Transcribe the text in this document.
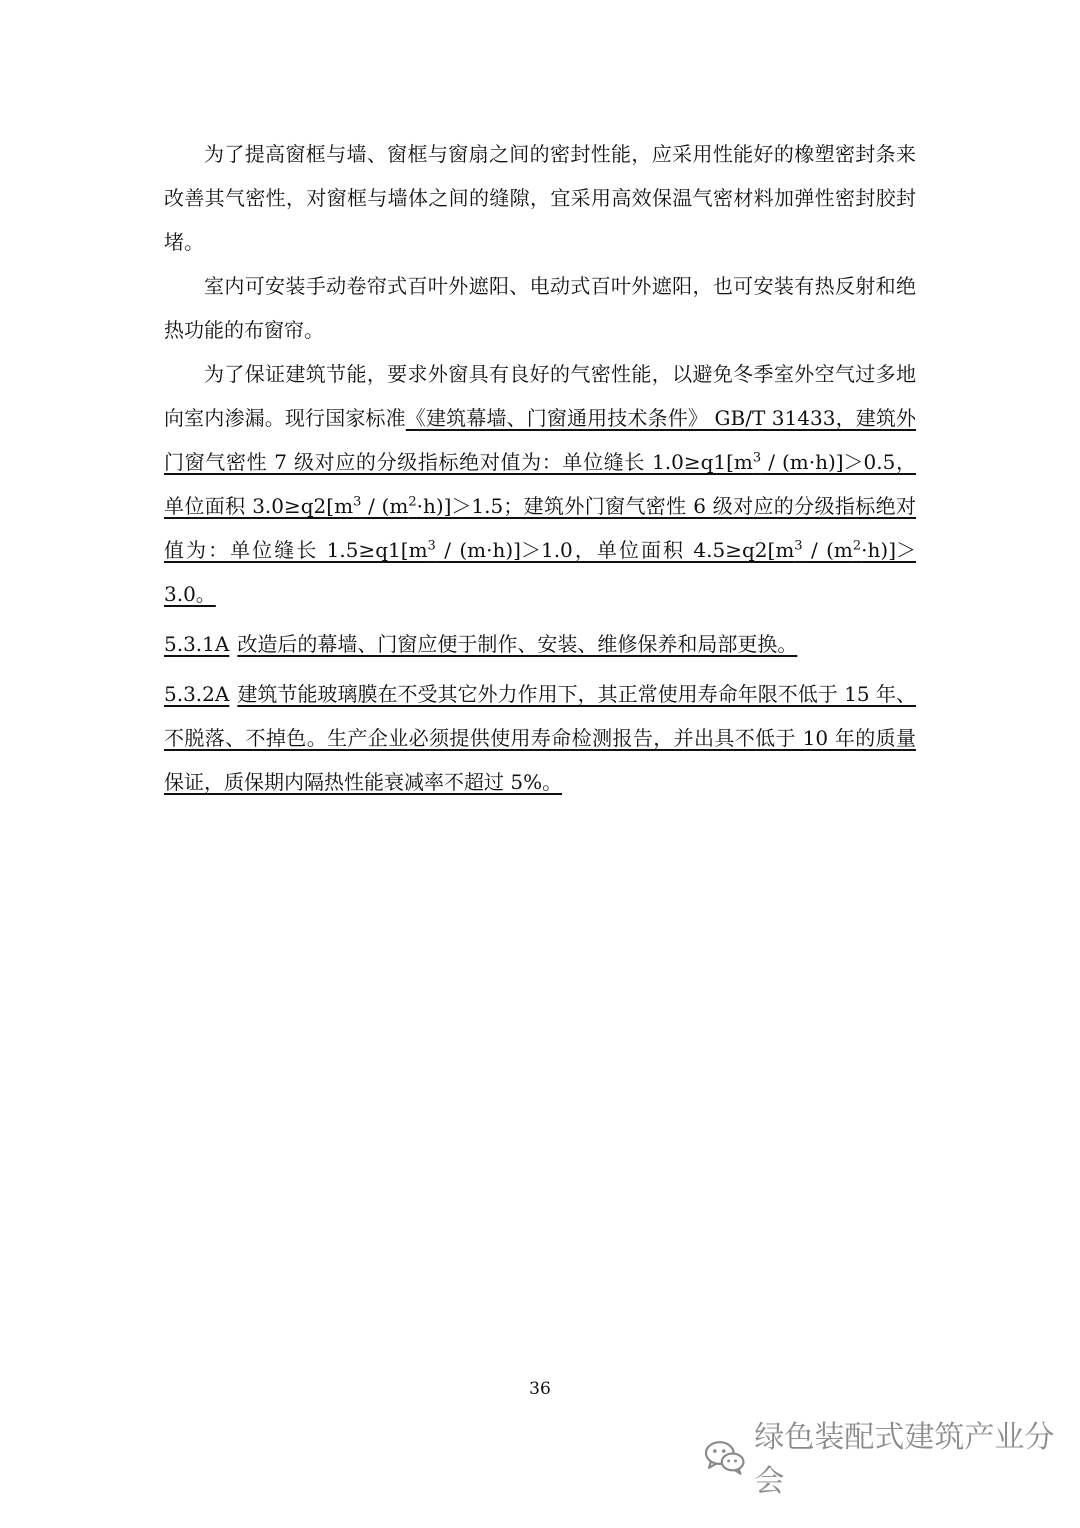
为了提高窗框与墙、窗框与窗扇之间的密封性能，应采用性能好的橡塑密封条来改善其气密性，对窗框与墙体之间的缝隙，宜采用高效保温气密材料加弹性密封胶封堵。

室内可安装手动卷帘式百叶外遮阳、电动式百叶外遮阳，也可安装有热反射和绝热功能的布窗帘。

为了保证建筑节能，要求外窗具有良好的气密性能，以避免冬季室外空气过多地向室内渗漏。现行国家标准《建筑幕墙、门窗通用技术条件》 GB/T 31433，建筑外门窗气密性 7 级对应的分级指标绝对值为：单位缝长 $1.0\ge q1[m^3 / (m\cdot h)]>0.5$，单位面积 $3.0\ge q2[m^3 / (m^2\cdot h)]>1.5$；建筑外门窗气密性 6 级对应的分级指标绝对值为：单位缝长 $1.5\ge q1[m^3 / (m\cdot h)]>1.0$，单位面积 $4.5\ge q2[m^3 / (m^2\cdot h)]>3.0$。

5.3.1A 改造后的幕墙、门窗应便于制作、安装、维修保养和局部更换。

5.3.2A 建筑节能玻璃膜在不受其它外力作用下，其正常使用寿命年限不低于 15 年、不脱落、不掉色。生产企业必须提供使用寿命检测报告，并出具不低于 10 年的质量保证，质保期内隔热性能衰减率不超过 5%。

36
绿色装配式建筑产业分会
